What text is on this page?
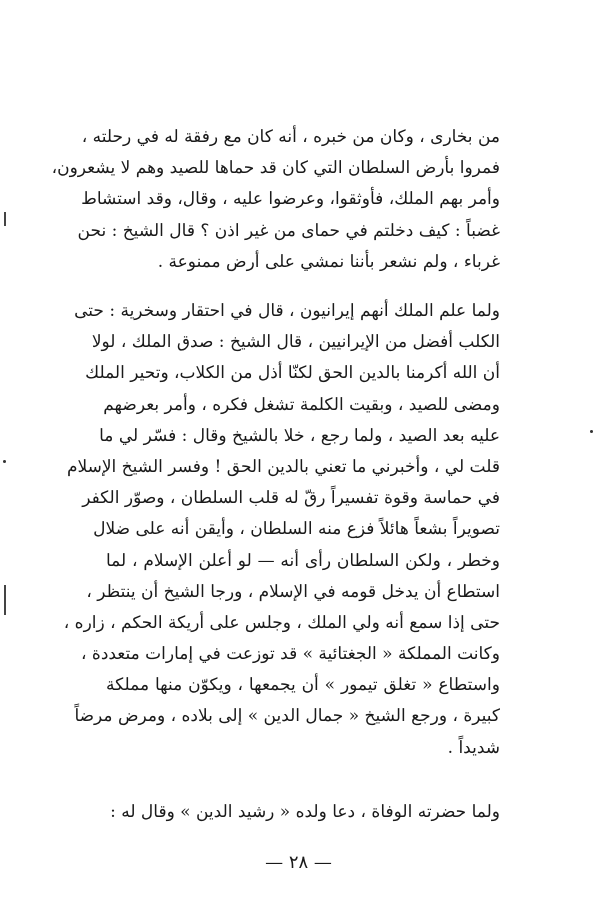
من بخاری ، وکان من خبره ، أنه کان مع رفقة له في رحلته ،
فمروا بأرض السلطان التي کان قد حماها للصيد وهم لا يشعرون،
وأمر بهم الملك، فأوثقوا، وعرضوا عليه ، وقال، وقد استشاط
غضباً : کيف دخلتم في حمای من غير اذن ؟ قال الشيخ : نحن
غرباء ، ولم نشعر بأننا نمشي على أرض ممنوعة .
ولما علم الملك أنهم إيرانيون ، قال في احتقار وسخرية : حتى
الكلب أفضل من الإيرانيين ، قال الشيخ : صدق الملك ، لولا
أن الله أكرمنا بالدين الحق لكنّا أذل من الكلاب، وتحير الملك
ومضى للصيد ، وبقيت الكلمة تشغل فكره ، وأمر بعرضهم
عليه بعد الصيد ، ولما رجع ، خلا بالشيخ وقال : فسّر لي ما
قلت لي ، وأخبرني ما تعني بالدين الحق ! وفسر الشيخ الإسلام
في حماسة وقوة تفسيراً رقّ له قلب السلطان ، وصوّر الكفر
تصويراً بشعاً هائلاً فزع منه السلطان ، وأيقن أنه على ضلال
وخطر ، ولكن السلطان رأى أنه — لو أعلن الإسلام ، لما
استطاع أن يدخل قومه في الإسلام ، ورجا الشيخ أن ينتظر ،
حتى إذا سمع أنه ولي الملك ، وجلس على أريكة الحكم ، زاره ،
وكانت المملكة « الجغتائية » قد توزعت في إمارات متعددة ،
واستطاع « تغلق تيمور » أن يجمعها ، ويكوّن منها مملكة
كبيرة ، ورجع الشيخ « جمال الدين » إلى بلاده ، ومرض مرضاً
شديداً .
ولما حضرته الوفاة ، دعا ولده « رشيد الدين » وقال له :
— ٢٨ —
